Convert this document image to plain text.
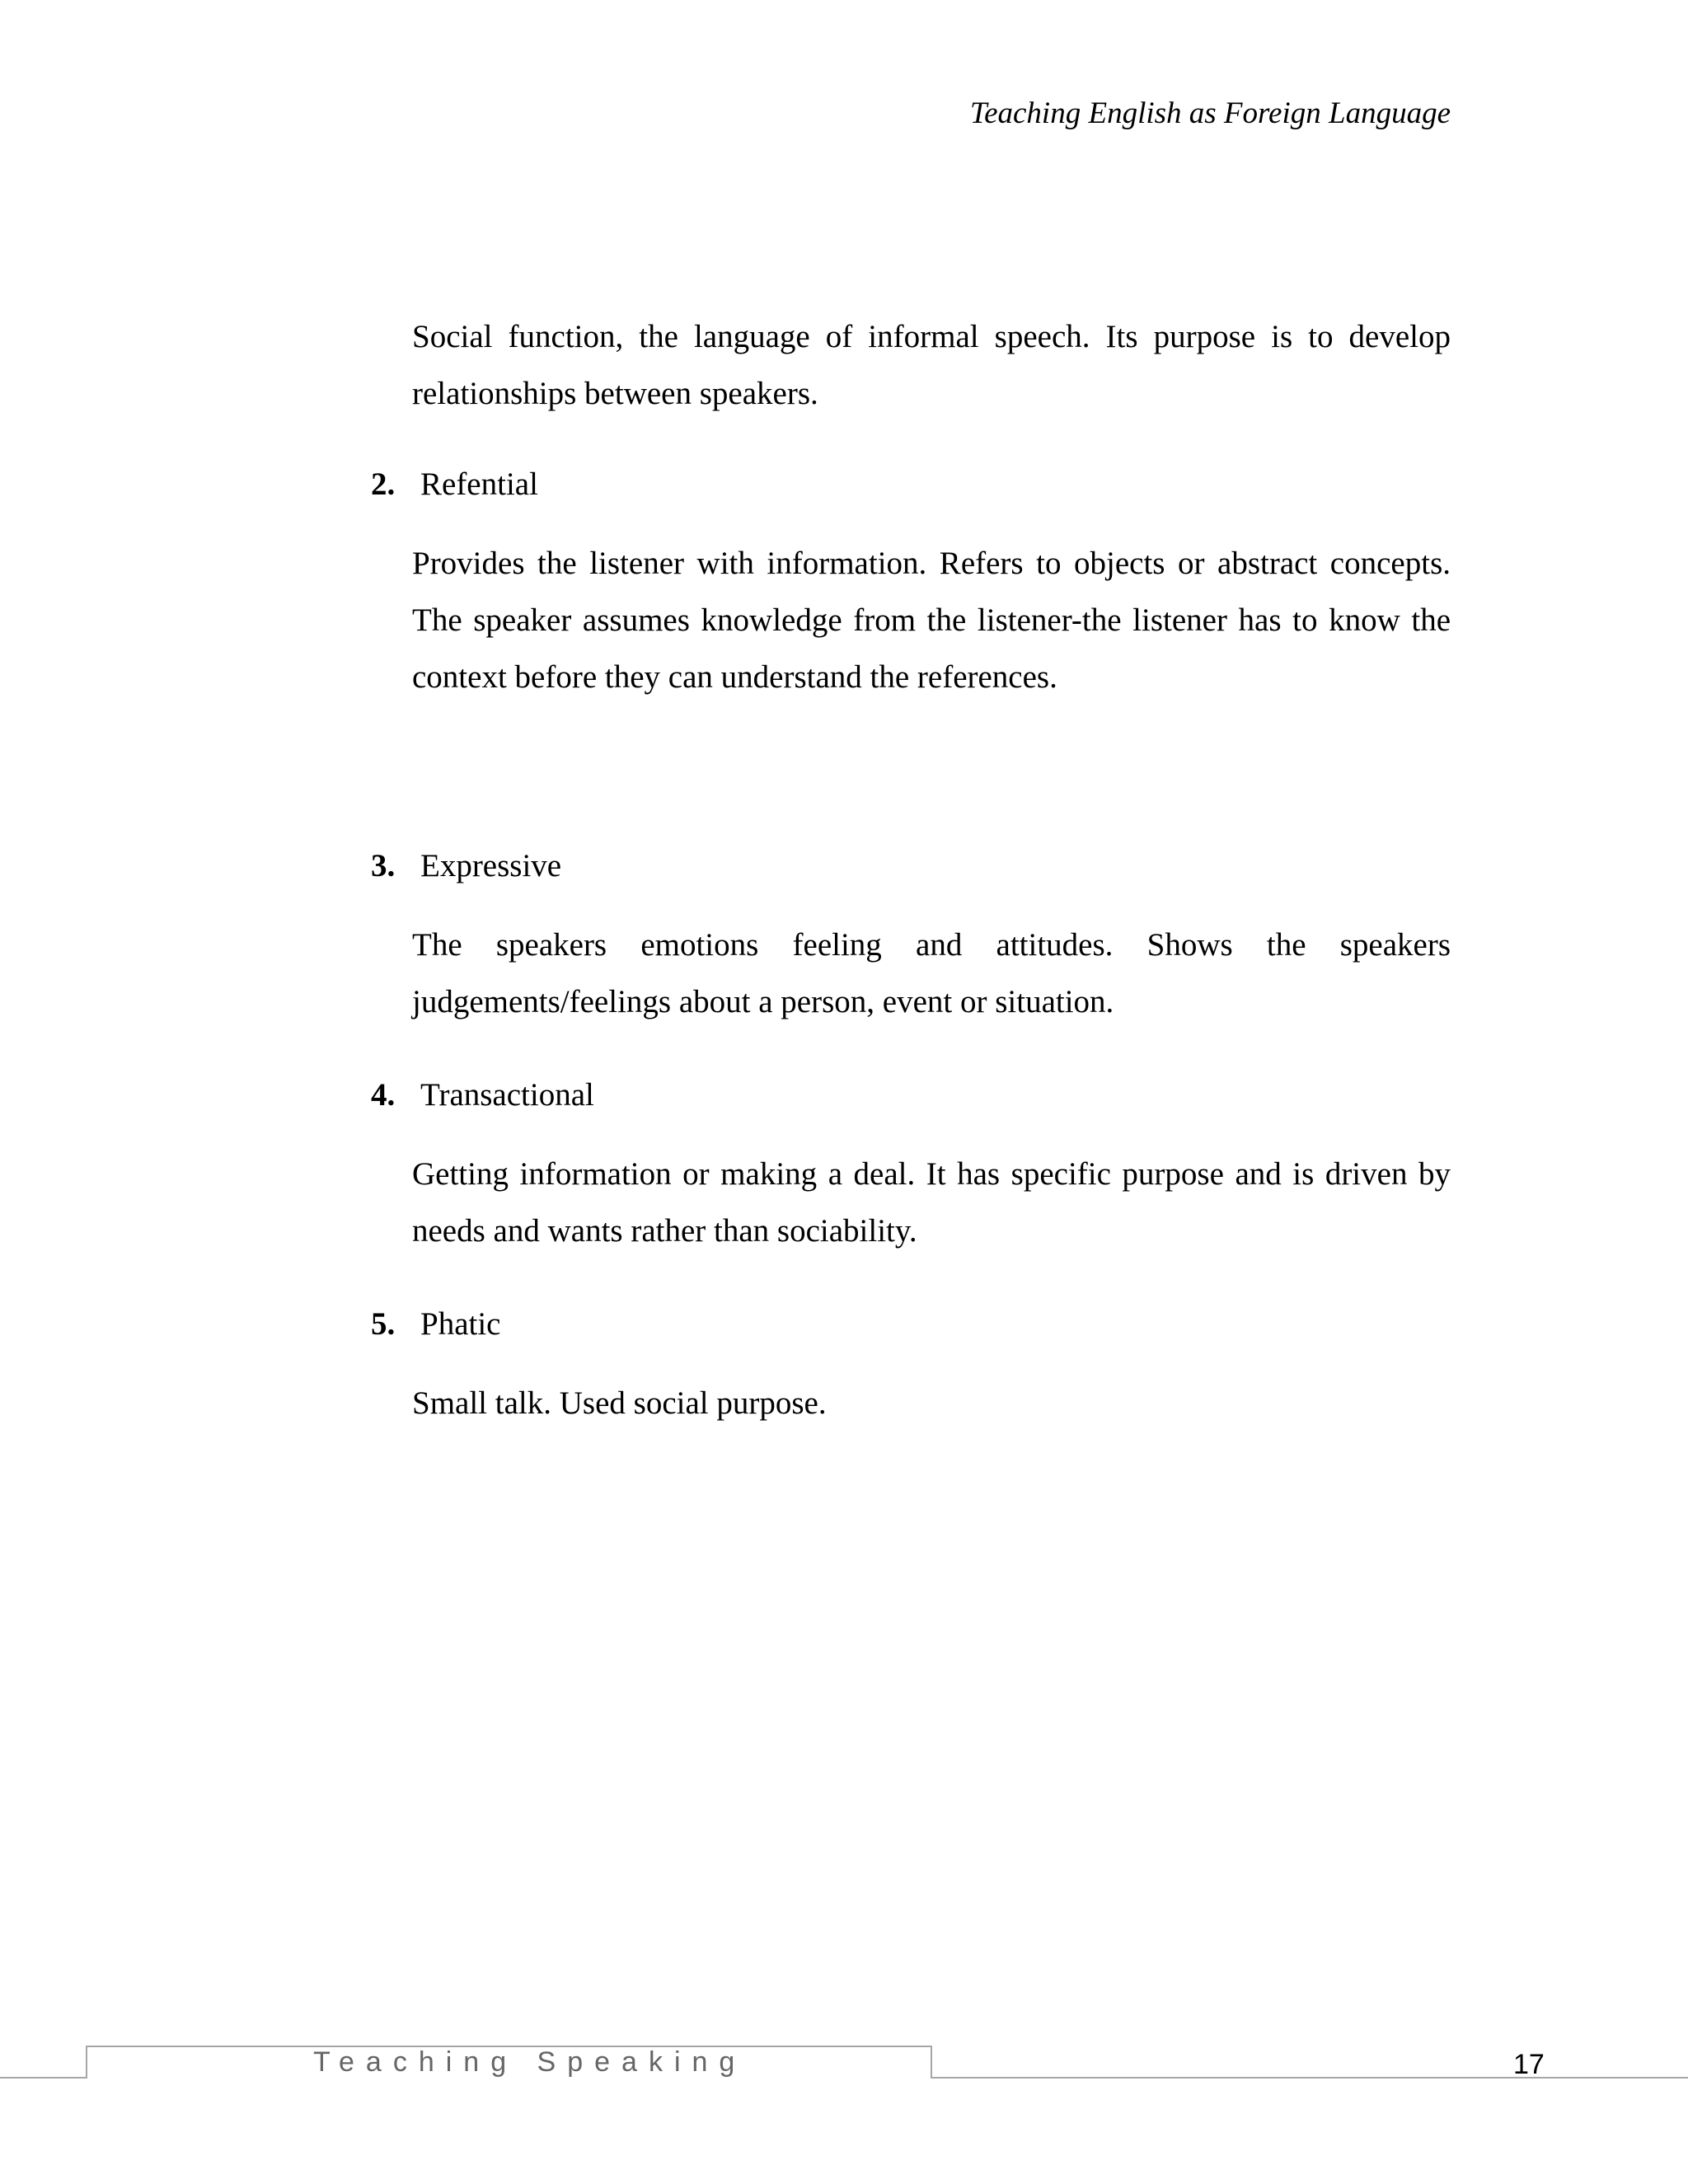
Teaching English as Foreign Language
Social function, the language of informal speech. Its purpose is to develop relationships between speakers.
2. Refential
Provides the listener with information. Refers to objects or abstract concepts. The speaker assumes knowledge from the listener-the listener has to know the context before they can understand the references.
3. Expressive
The speakers emotions feeling and attitudes. Shows the speakers judgements/feelings about a person, event or situation.
4. Transactional
Getting information or making a deal. It has specific purpose and is driven by needs and wants rather than sociability.
5. Phatic
Small talk. Used social purpose.
Teaching Speaking	17
